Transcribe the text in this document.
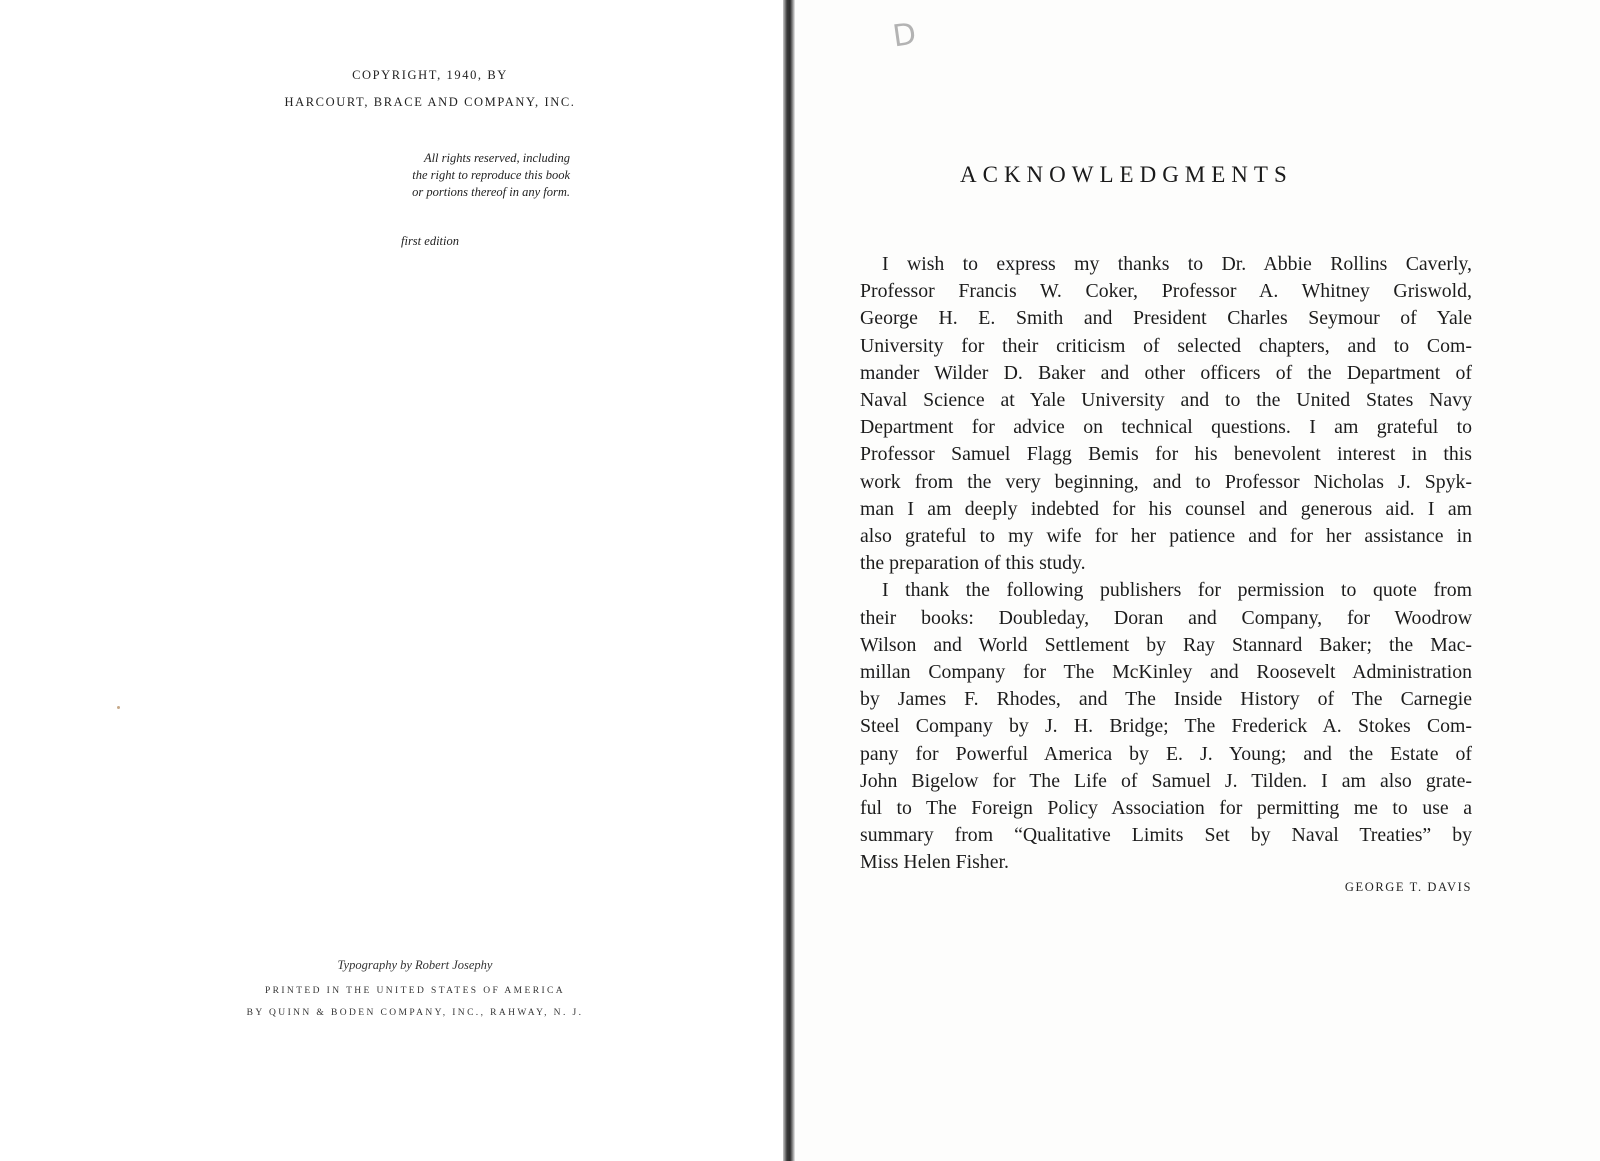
COPYRIGHT, 1940, BY
HARCOURT, BRACE AND COMPANY, INC.
All rights reserved, including
the right to reproduce this book
or portions thereof in any form.
first edition
Typography by Robert Josephy
PRINTED IN THE UNITED STATES OF AMERICA
BY QUINN & BODEN COMPANY, INC., RAHWAY, N. J.
D
ACKNOWLEDGMENTS

I wish to express my thanks to Dr. Abbie Rollins Caverly,

Professor Francis W. Coker, Professor A. Whitney Griswold,

George H. E. Smith and President Charles Seymour of Yale

University for their criticism of selected chapters, and to Com-

mander Wilder D. Baker and other officers of the Department of

Naval Science at Yale University and to the United States Navy

Department for advice on technical questions. I am grateful to

Professor Samuel Flagg Bemis for his benevolent interest in this

work from the very beginning, and to Professor Nicholas J. Spyk-

man I am deeply indebted for his counsel and generous aid. I am

also grateful to my wife for her patience and for her assistance in

the preparation of this study.

I thank the following publishers for permission to quote from

their books: Doubleday, Doran and Company, for Woodrow

Wilson and World Settlement by Ray Stannard Baker; the Mac-

millan Company for The McKinley and Roosevelt Administration

by James F. Rhodes, and The Inside History of The Carnegie

Steel Company by J. H. Bridge; The Frederick A. Stokes Com-

pany for Powerful America by E. J. Young; and the Estate of

John Bigelow for The Life of Samuel J. Tilden. I am also grate-

ful to The Foreign Policy Association for permitting me to use a

summary from “Qualitative Limits Set by Naval Treaties” by

Miss Helen Fisher.

GEORGE T. DAVIS
